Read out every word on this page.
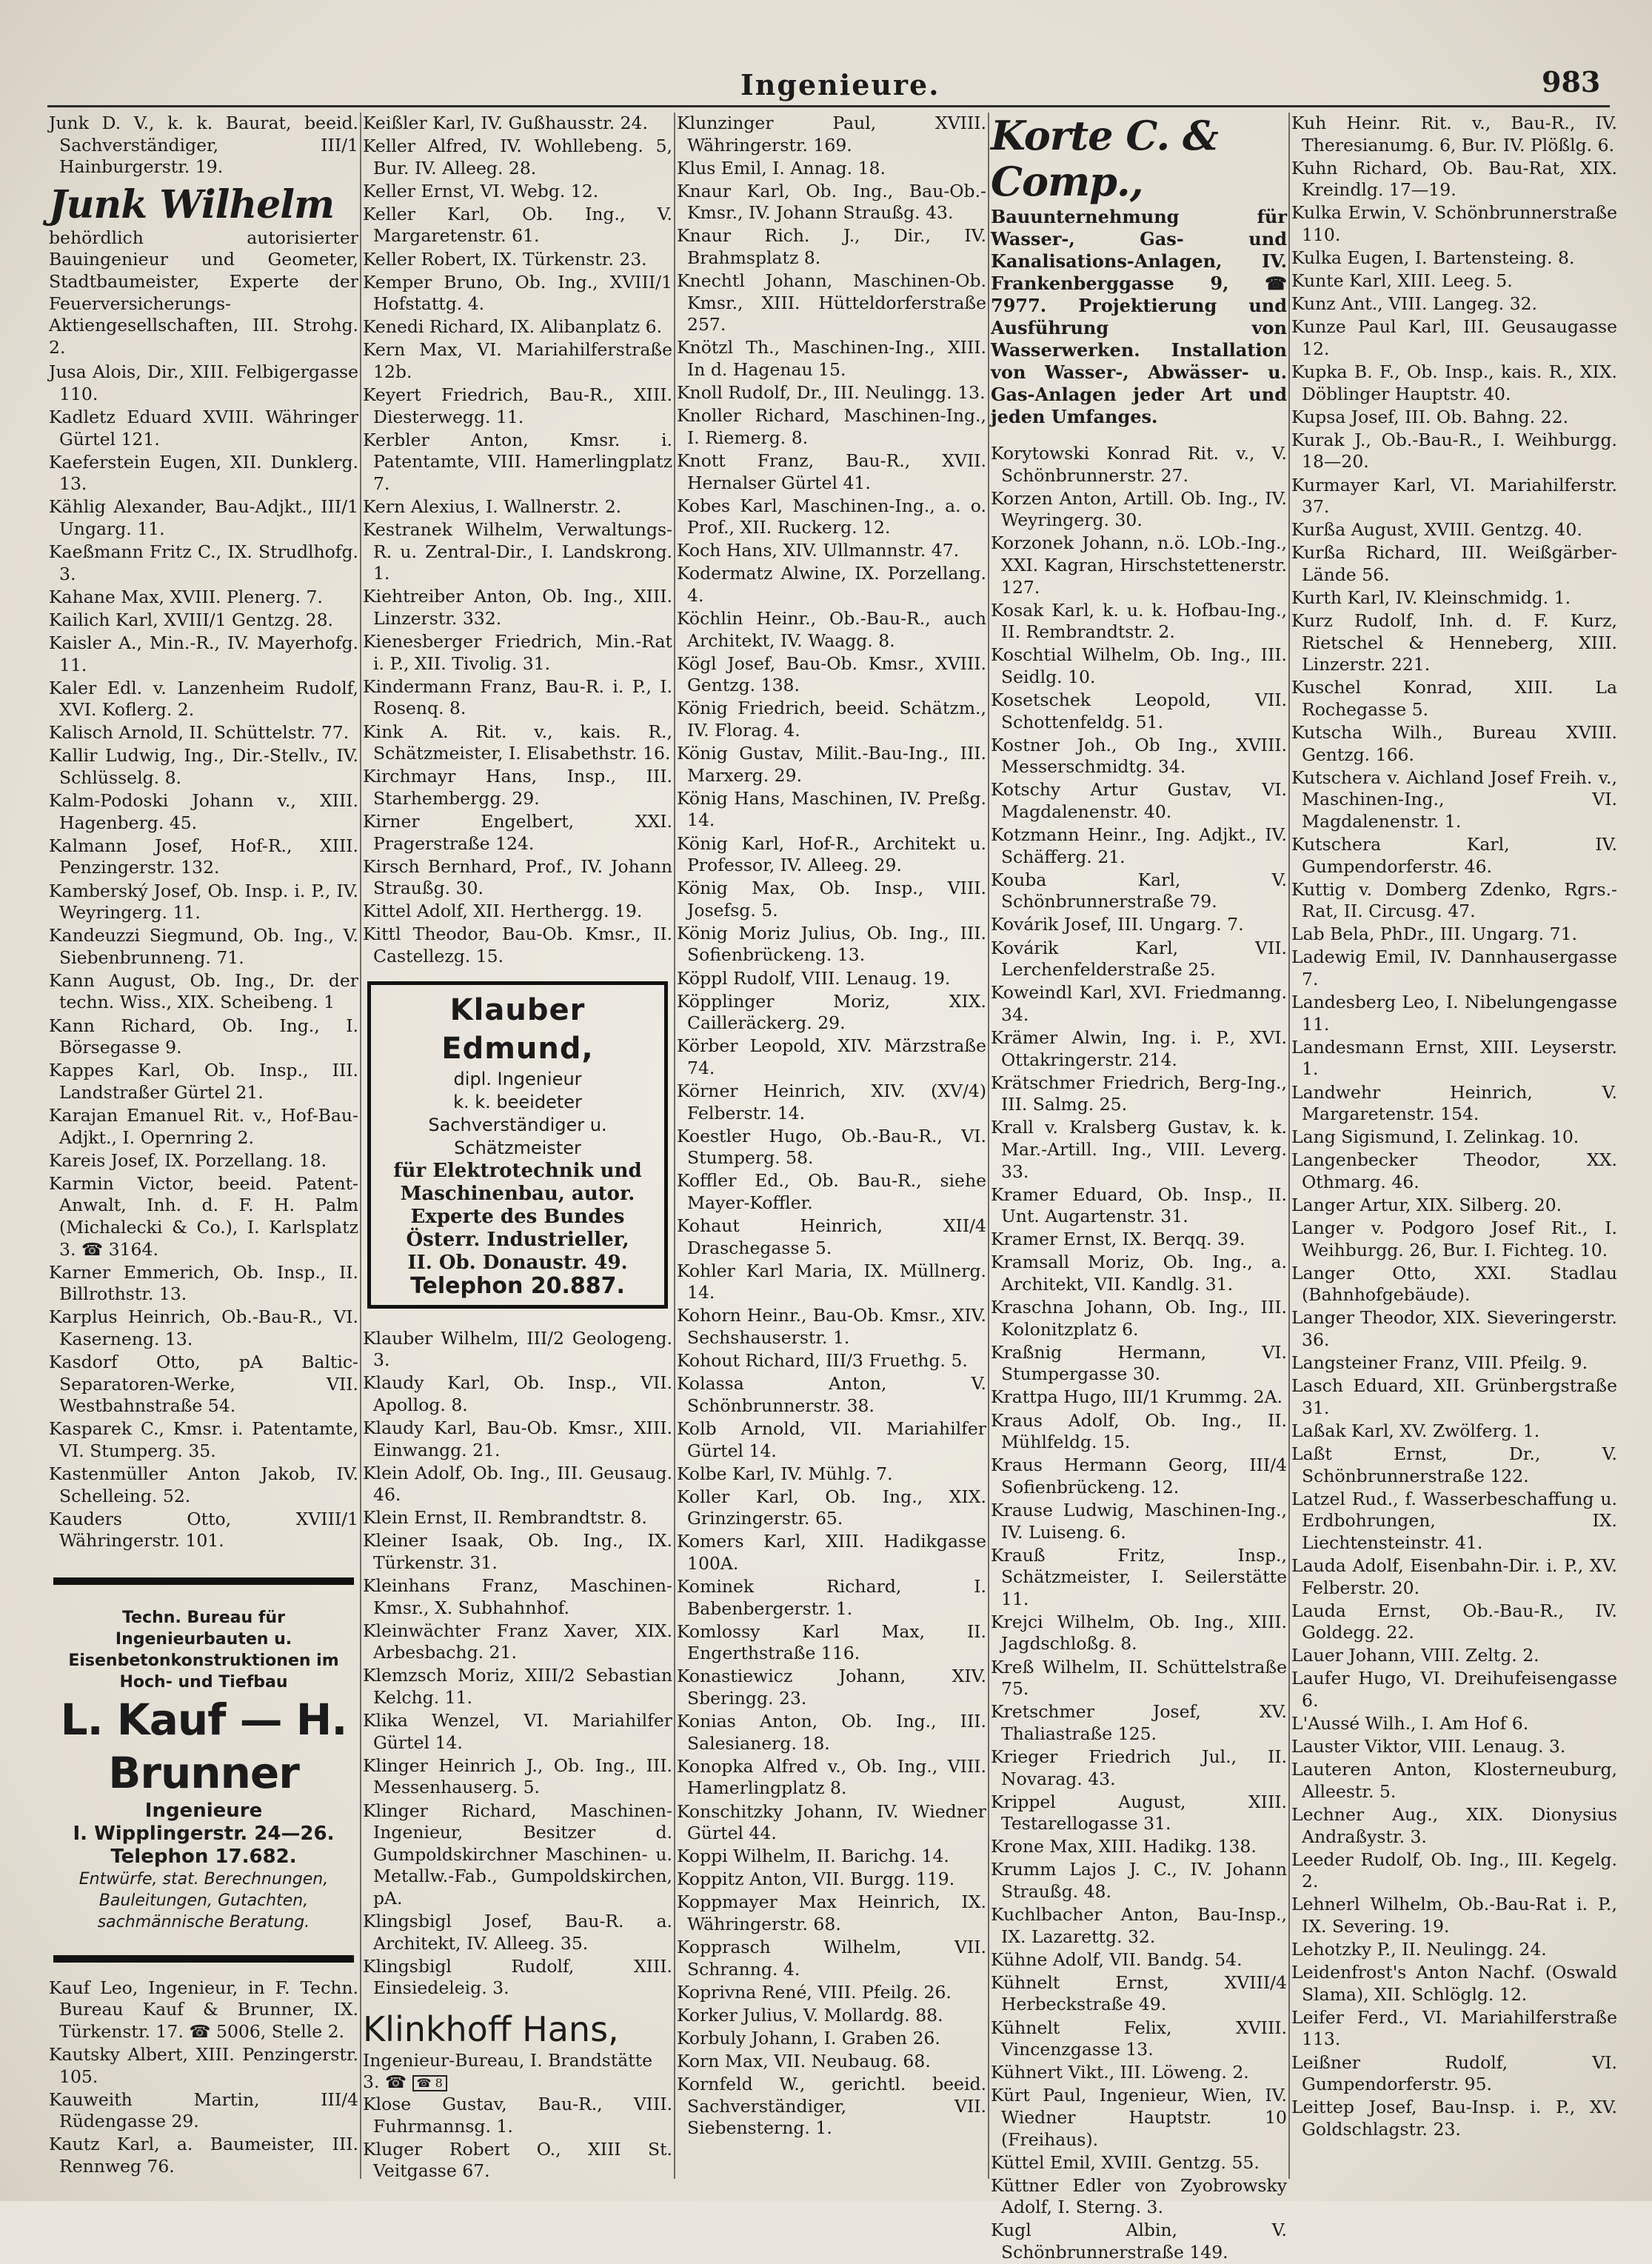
Ingenieure.	983
Junk D. V., k. k. Baurat, beeid. Sachverständiger, III/1 Hainburgerstr. 19.
Junk Wilhelm
behördlich autorisierter Bauingenieur und Geometer, Stadtbaumeister, Experte der Feuerversicherungs-Aktiengesellschaften, III. Strohg. 2.
Jusa Alois, Dir., XIII. Felbigergasse 110.
Kadletz Eduard XVIII. Währinger Gürtel 121.
Kaeferstein Eugen, XII. Dunklerg. 13.
Kählig Alexander, Bau-Adjkt., III/1 Ungarg. 11.
Kaeßmann Fritz C., IX. Strudlhofg. 3.
Kahane Max, XVIII. Plenerg. 7.
Kailich Karl, XVIII/1 Gentzg. 28.
Kaisler A., Min.-R., IV. Mayerhofg. 11.
Kaler Edl. v. Lanzenheim Rudolf, XVI. Koflerg. 2.
Kalisch Arnold, II. Schüttelstr. 77.
Kallir Ludwig, Ing., Dir.-Stellv., IV. Schlüsselg. 8.
Kalm-Podoski Johann v., XIII. Hagenberg. 45.
Kalmann Josef, Hof-R., XIII. Penzingerstr. 132.
Kamberský Josef, Ob. Insp. i. P., IV. Weyringerg. 11.
Kandeuzzi Siegmund, Ob. Ing., V. Siebenbrunneng. 71.
Kann August, Ob. Ing., Dr. der techn. Wiss., XIX. Scheibeng. 1
Kann Richard, Ob. Ing., I. Börsegasse 9.
Kappes Karl, Ob. Insp., III. Landstraßer Gürtel 21.
Karajan Emanuel Rit. v., Hof-Bau-Adjkt., I. Opernring 2.
Kareis Josef, IX. Porzellang. 18.
Karmin Victor, beeid. Patent-Anwalt, Inh. d. F. H. Palm (Michalecki & Co.), I. Karlsplatz 3. ☎ 3164.
Karner Emmerich, Ob. Insp., II. Billrothstr. 13.
Karplus Heinrich, Ob.-Bau-R., VI. Kaserneng. 13.
Kasdorf Otto, pA Baltic-Separatoren-Werke, VII. Westbahnstraße 54.
Kasparek C., Kmsr. i. Patentamte, VI. Stumperg. 35.
Kastenmüller Anton Jakob, IV. Schelleing. 52.
Kauders Otto, XVIII/1 Währingerstr. 101.
Techn. Bureau für Ingenieurbauten u. Eisenbetonkonstruktionen im Hoch- und Tiefbau
L. Kauf — H. Brunner
Ingenieure
I. Wipplingerstr. 24—26.
Telephon 17.682.
Entwürfe, stat. Berechnungen, Bauleitungen, Gutachten, sachmännische Beratung.
Kauf Leo, Ingenieur, in F. Techn. Bureau Kauf & Brunner, IX. Türkenstr. 17. ☎ 5006, Stelle 2.
Kautsky Albert, XIII. Penzingerstr. 105.
Kauweith Martin, III/4 Rüdengasse 29.
Kautz Karl, a. Baumeister, III. Rennweg 76.
Keißler Karl, IV. Gußhausstr. 24.
Keller Alfred, IV. Wohllebeng. 5, Bur. IV. Alleeg. 28.
Keller Ernst, VI. Webg. 12.
Keller Karl, Ob. Ing., V. Margaretenstr. 61.
Keller Robert, IX. Türkenstr. 23.
Kemper Bruno, Ob. Ing., XVIII/1 Hofstattg. 4.
Kenedi Richard, IX. Alibanplatz 6.
Kern Max, VI. Mariahilferstraße 12b.
Keyert Friedrich, Bau-R., XIII. Diesterwegg. 11.
Kerbler Anton, Kmsr. i. Patentamte, VIII. Hamerlingplatz 7.
Kern Alexius, I. Wallnerstr. 2.
Kestranek Wilhelm, Verwaltungs-R. u. Zentral-Dir., I. Landskrong. 1.
Kiehtreiber Anton, Ob. Ing., XIII. Linzerstr. 332.
Kienesberger Friedrich, Min.-Rat i. P., XII. Tivolig. 31.
Kindermann Franz, Bau-R. i. P., I. Rosenq. 8.
Kink A. Rit. v., kais. R., Schätzmeister, I. Elisabethstr. 16.
Kirchmayr Hans, Insp., III. Starhembergg. 29.
Kirner Engelbert, XXI. Pragerstraße 124.
Kirsch Bernhard, Prof., IV. Johann Straußg. 30.
Kittel Adolf, XII. Herthergg. 19.
Kittl Theodor, Bau-Ob. Kmsr., II. Castellezg. 15.
Klauber Edmund,
dipl. Ingenieur
k. k. beeideter Sachverständiger u. Schätzmeister
für Elektrotechnik und Maschinenbau, autor. Experte des Bundes Österr. Industrieller,
II. Ob. Donaustr. 49.
Telephon 20.887.
Klauber Wilhelm, III/2 Geologeng. 3.
Klaudy Karl, Ob. Insp., VII. Apollog. 8.
Klaudy Karl, Bau-Ob. Kmsr., XIII. Einwangg. 21.
Klein Adolf, Ob. Ing., III. Geusaug. 46.
Klein Ernst, II. Rembrandtstr. 8.
Kleiner Isaak, Ob. Ing., IX. Türkenstr. 31.
Kleinhans Franz, Maschinen-Kmsr., X. Subhahnhof.
Kleinwächter Franz Xaver, XIX. Arbesbachg. 21.
Klemzsch Moriz, XIII/2 Sebastian Kelchg. 11.
Klika Wenzel, VI. Mariahilfer Gürtel 14.
Klinger Heinrich J., Ob. Ing., III. Messenhauserg. 5.
Klinger Richard, Maschinen-Ingenieur, Besitzer d. Gumpoldskirchner Maschinen- u. Metallw.-Fab., Gumpoldskirchen, pA.
Klingsbigl Josef, Bau-R. a. Architekt, IV. Alleeg. 35.
Klingsbigl Rudolf, XIII. Einsiedeleig. 3.
Klinkhoff Hans,
Ingenieur-Bureau, I. Brandstätte 3. ☎ ☎ 8
Klose Gustav, Bau-R., VIII. Fuhrmannsg. 1.
Kluger Robert O., XIII St. Veitgasse 67.
Klunzinger Paul, XVIII. Währingerstr. 169.
Klus Emil, I. Annag. 18.
Knaur Karl, Ob. Ing., Bau-Ob.-Kmsr., IV. Johann Straußg. 43.
Knaur Rich. J., Dir., IV. Brahmsplatz 8.
Knechtl Johann, Maschinen-Ob. Kmsr., XIII. Hütteldorferstraße 257.
Knötzl Th., Maschinen-Ing., XIII. In d. Hagenau 15.
Knoll Rudolf, Dr., III. Neulingg. 13.
Knoller Richard, Maschinen-Ing., I. Riemerg. 8.
Knott Franz, Bau-R., XVII. Hernalser Gürtel 41.
Kobes Karl, Maschinen-Ing., a. o. Prof., XII. Ruckerg. 12.
Koch Hans, XIV. Ullmannstr. 47.
Kodermatz Alwine, IX. Porzellang. 4.
Köchlin Heinr., Ob.-Bau-R., auch Architekt, IV. Waagg. 8.
Kögl Josef, Bau-Ob. Kmsr., XVIII. Gentzg. 138.
König Friedrich, beeid. Schätzm., IV. Florag. 4.
König Gustav, Milit.-Bau-Ing., III. Marxerg. 29.
König Hans, Maschinen, IV. Preßg. 14.
König Karl, Hof-R., Architekt u. Professor, IV. Alleeg. 29.
König Max, Ob. Insp., VIII. Josefsg. 5.
König Moriz Julius, Ob. Ing., III. Sofienbrückeng. 13.
Köppl Rudolf, VIII. Lenaug. 19.
Köpplinger Moriz, XIX. Cailleräckerg. 29.
Körber Leopold, XIV. Märzstraße 74.
Körner Heinrich, XIV. (XV/4) Felberstr. 14.
Koestler Hugo, Ob.-Bau-R., VI. Stumperg. 58.
Koffler Ed., Ob. Bau-R., siehe Mayer-Koffler.
Kohaut Heinrich, XII/4 Draschegasse 5.
Kohler Karl Maria, IX. Müllnerg. 14.
Kohorn Heinr., Bau-Ob. Kmsr., XIV. Sechshauserstr. 1.
Kohout Richard, III/3 Fruethg. 5.
Kolassa Anton, V. Schönbrunnerstr. 38.
Kolb Arnold, VII. Mariahilfer Gürtel 14.
Kolbe Karl, IV. Mühlg. 7.
Koller Karl, Ob. Ing., XIX. Grinzingerstr. 65.
Komers Karl, XIII. Hadikgasse 100A.
Kominek Richard, I. Babenbergerstr. 1.
Komlossy Karl Max, II. Engerthstraße 116.
Konastiewicz Johann, XIV. Sberingg. 23.
Konias Anton, Ob. Ing., III. Salesianerg. 18.
Konopka Alfred v., Ob. Ing., VIII. Hamerlingplatz 8.
Konschitzky Johann, IV. Wiedner Gürtel 44.
Koppi Wilhelm, II. Barichg. 14.
Koppitz Anton, VII. Burgg. 119.
Koppmayer Max Heinrich, IX. Währingerstr. 68.
Kopprasch Wilhelm, VII. Schranng. 4.
Koprivna René, VIII. Pfeilg. 26.
Korker Julius, V. Mollardg. 88.
Korbuly Johann, I. Graben 26.
Korn Max, VII. Neubaug. 68.
Kornfeld W., gerichtl. beeid. Sachverständiger, VII. Siebensterng. 1.
Korte C. & Comp.,
Bauunternehmung für Wasser-, Gas- und Kanalisations-Anlagen, IV. Frankenberggasse 9, ☎ 7977. Projektierung und Ausführung von Wasserwerken. Installation von Wasser-, Abwässer- u. Gas-Anlagen jeder Art und jeden Umfanges.
Korytowski Konrad Rit. v., V. Schönbrunnerstr. 27.
Korzen Anton, Artill. Ob. Ing., IV. Weyringerg. 30.
Korzonek Johann, n.ö. LOb.-Ing., XXI. Kagran, Hirschstettenerstr. 127.
Kosak Karl, k. u. k. Hofbau-Ing., II. Rembrandtstr. 2.
Koschtial Wilhelm, Ob. Ing., III. Seidlg. 10.
Kosetschek Leopold, VII. Schottenfeldg. 51.
Kostner Joh., Ob Ing., XVIII. Messerschmidtg. 34.
Kotschy Artur Gustav, VI. Magdalenenstr. 40.
Kotzmann Heinr., Ing. Adjkt., IV. Schäfferg. 21.
Kouba Karl, V. Schönbrunnerstraße 79.
Kovárik Josef, III. Ungarg. 7.
Kovárik Karl, VII. Lerchenfelderstraße 25.
Koweindl Karl, XVI. Friedmanng. 34.
Krämer Alwin, Ing. i. P., XVI. Ottakringerstr. 214.
Krätschmer Friedrich, Berg-Ing., III. Salmg. 25.
Krall v. Kralsberg Gustav, k. k. Mar.-Artill. Ing., VIII. Leverg. 33.
Kramer Eduard, Ob. Insp., II. Unt. Augartenstr. 31.
Kramer Ernst, IX. Berqq. 39.
Kramsall Moriz, Ob. Ing., a. Architekt, VII. Kandlg. 31.
Kraschna Johann, Ob. Ing., III. Kolonitzplatz 6.
Kraßnig Hermann, VI. Stumpergasse 30.
Krattpa Hugo, III/1 Krummg. 2A.
Kraus Adolf, Ob. Ing., II. Mühlfeldg. 15.
Kraus Hermann Georg, III/4 Sofienbrückeng. 12.
Krause Ludwig, Maschinen-Ing., IV. Luiseng. 6.
Krauß Fritz, Insp., Schätzmeister, I. Seilerstätte 11.
Krejci Wilhelm, Ob. Ing., XIII. Jagdschloßg. 8.
Kreß Wilhelm, II. Schüttelstraße 75.
Kretschmer Josef, XV. Thaliastraße 125.
Krieger Friedrich Jul., II. Novarag. 43.
Krippel August, XIII. Testarellogasse 31.
Krone Max, XIII. Hadikg. 138.
Krumm Lajos J. C., IV. Johann Straußg. 48.
Kuchlbacher Anton, Bau-Insp., IX. Lazarettg. 32.
Kühne Adolf, VII. Bandg. 54.
Kühnelt Ernst, XVIII/4 Herbeckstraße 49.
Kühnelt Felix, XVIII. Vincenzgasse 13.
Kühnert Vikt., III. Löweng. 2.
Kürt Paul, Ingenieur, Wien, IV. Wiedner Hauptstr. 10 (Freihaus).
Küttel Emil, XVIII. Gentzg. 55.
Küttner Edler von Zyobrowsky Adolf, I. Sterng. 3.
Kugl Albin, V. Schönbrunnerstraße 149.
Kuh Heinr. Rit. v., Bau-R., IV. Theresianumg. 6, Bur. IV. Plößlg. 6.
Kuhn Richard, Ob. Bau-Rat, XIX. Kreindlg. 17—19.
Kulka Erwin, V. Schönbrunnerstraße 110.
Kulka Eugen, I. Bartensteing. 8.
Kunte Karl, XIII. Leeg. 5.
Kunz Ant., VIII. Langeg. 32.
Kunze Paul Karl, III. Geusaugasse 12.
Kupka B. F., Ob. Insp., kais. R., XIX. Döblinger Hauptstr. 40.
Kupsa Josef, III. Ob. Bahng. 22.
Kurak J., Ob.-Bau-R., I. Weihburgg. 18—20.
Kurmayer Karl, VI. Mariahilferstr. 37.
Kurßa August, XVIII. Gentzg. 40.
Kurßa Richard, III. Weißgärber-Lände 56.
Kurth Karl, IV. Kleinschmidg. 1.
Kurz Rudolf, Inh. d. F. Kurz, Rietschel & Henneberg, XIII. Linzerstr. 221.
Kuschel Konrad, XIII. La Rochegasse 5.
Kutscha Wilh., Bureau XVIII. Gentzg. 166.
Kutschera v. Aichland Josef Freih. v., Maschinen-Ing., VI. Magdalenenstr. 1.
Kutschera Karl, IV. Gumpendorferstr. 46.
Kuttig v. Domberg Zdenko, Rgrs.-Rat, II. Circusg. 47.
Lab Bela, PhDr., III. Ungarg. 71.
Ladewig Emil, IV. Dannhausergasse 7.
Landesberg Leo, I. Nibelungengasse 11.
Landesmann Ernst, XIII. Leyserstr. 1.
Landwehr Heinrich, V. Margaretenstr. 154.
Lang Sigismund, I. Zelinkag. 10.
Langenbecker Theodor, XX. Othmarg. 46.
Langer Artur, XIX. Silberg. 20.
Langer v. Podgoro Josef Rit., I. Weihburgg. 26, Bur. I. Fichteg. 10.
Langer Otto, XXI. Stadlau (Bahnhofgebäude).
Langer Theodor, XIX. Sieveringerstr. 36.
Langsteiner Franz, VIII. Pfeilg. 9.
Lasch Eduard, XII. Grünbergstraße 31.
Laßak Karl, XV. Zwölferg. 1.
Laßt Ernst, Dr., V. Schönbrunnerstraße 122.
Latzel Rud., f. Wasserbeschaffung u. Erdbohrungen, IX. Liechtensteinstr. 41.
Lauda Adolf, Eisenbahn-Dir. i. P., XV. Felberstr. 20.
Lauda Ernst, Ob.-Bau-R., IV. Goldegg. 22.
Lauer Johann, VIII. Zeltg. 2.
Laufer Hugo, VI. Dreihufeisengasse 6.
L'Aussé Wilh., I. Am Hof 6.
Lauster Viktor, VIII. Lenaug. 3.
Lauteren Anton, Klosterneuburg, Alleestr. 5.
Lechner Aug., XIX. Dionysius Andraßystr. 3.
Leeder Rudolf, Ob. Ing., III. Kegelg. 2.
Lehnerl Wilhelm, Ob.-Bau-Rat i. P., IX. Severing. 19.
Lehotzky P., II. Neulingg. 24.
Leidenfrost's Anton Nachf. (Oswald Slama), XII. Schlöglg. 12.
Leifer Ferd., VI. Mariahilferstraße 113.
Leißner Rudolf, VI. Gumpendorferstr. 95.
Leittep Josef, Bau-Insp. i. P., XV. Goldschlagstr. 23.
